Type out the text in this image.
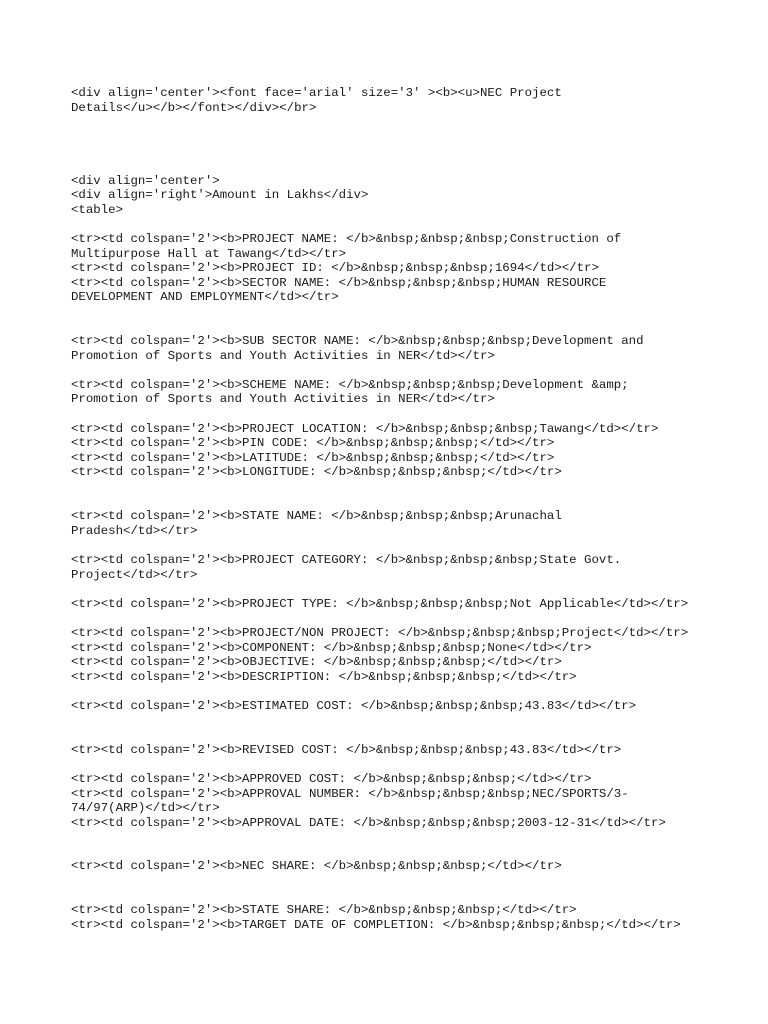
<div align='center'><font face='arial' size='3' ><b><u>NEC Project
Details</u></b></font></div></br>
<div align='center'>
<div align='right'>Amount in Lakhs</div>
<table>
<tr><td colspan='2'><b>PROJECT NAME: </b>&nbsp;&nbsp;&nbsp;Construction of
Multipurpose Hall at Tawang</td></tr>
<tr><td colspan='2'><b>PROJECT ID: </b>&nbsp;&nbsp;&nbsp;1694</td></tr>
<tr><td colspan='2'><b>SECTOR NAME: </b>&nbsp;&nbsp;&nbsp;HUMAN RESOURCE
DEVELOPMENT AND EMPLOYMENT</td></tr>
<tr><td colspan='2'><b>SUB SECTOR NAME: </b>&nbsp;&nbsp;&nbsp;Development and
Promotion of Sports and Youth Activities in NER</td></tr>
<tr><td colspan='2'><b>SCHEME NAME: </b>&nbsp;&nbsp;&nbsp;Development &amp;
Promotion of Sports and Youth Activities in NER</td></tr>
<tr><td colspan='2'><b>PROJECT LOCATION: </b>&nbsp;&nbsp;&nbsp;Tawang</td></tr>
<tr><td colspan='2'><b>PIN CODE: </b>&nbsp;&nbsp;&nbsp;</td></tr>
<tr><td colspan='2'><b>LATITUDE: </b>&nbsp;&nbsp;&nbsp;</td></tr>
<tr><td colspan='2'><b>LONGITUDE: </b>&nbsp;&nbsp;&nbsp;</td></tr>
<tr><td colspan='2'><b>STATE NAME: </b>&nbsp;&nbsp;&nbsp;Arunachal
Pradesh</td></tr>
<tr><td colspan='2'><b>PROJECT CATEGORY: </b>&nbsp;&nbsp;&nbsp;State Govt.
Project</td></tr>
<tr><td colspan='2'><b>PROJECT TYPE: </b>&nbsp;&nbsp;&nbsp;Not Applicable</td></tr>
<tr><td colspan='2'><b>PROJECT/NON PROJECT: </b>&nbsp;&nbsp;&nbsp;Project</td></tr>
<tr><td colspan='2'><b>COMPONENT: </b>&nbsp;&nbsp;&nbsp;None</td></tr>
<tr><td colspan='2'><b>OBJECTIVE: </b>&nbsp;&nbsp;&nbsp;</td></tr>
<tr><td colspan='2'><b>DESCRIPTION: </b>&nbsp;&nbsp;&nbsp;</td></tr>
<tr><td colspan='2'><b>ESTIMATED COST: </b>&nbsp;&nbsp;&nbsp;43.83</td></tr>
<tr><td colspan='2'><b>REVISED COST: </b>&nbsp;&nbsp;&nbsp;43.83</td></tr>
<tr><td colspan='2'><b>APPROVED COST: </b>&nbsp;&nbsp;&nbsp;</td></tr>
<tr><td colspan='2'><b>APPROVAL NUMBER: </b>&nbsp;&nbsp;&nbsp;NEC/SPORTS/3-
74/97(ARP)</td></tr>
<tr><td colspan='2'><b>APPROVAL DATE: </b>&nbsp;&nbsp;&nbsp;2003-12-31</td></tr>
<tr><td colspan='2'><b>NEC SHARE: </b>&nbsp;&nbsp;&nbsp;</td></tr>
<tr><td colspan='2'><b>STATE SHARE: </b>&nbsp;&nbsp;&nbsp;</td></tr>
<tr><td colspan='2'><b>TARGET DATE OF COMPLETION: </b>&nbsp;&nbsp;&nbsp;</td></tr>
